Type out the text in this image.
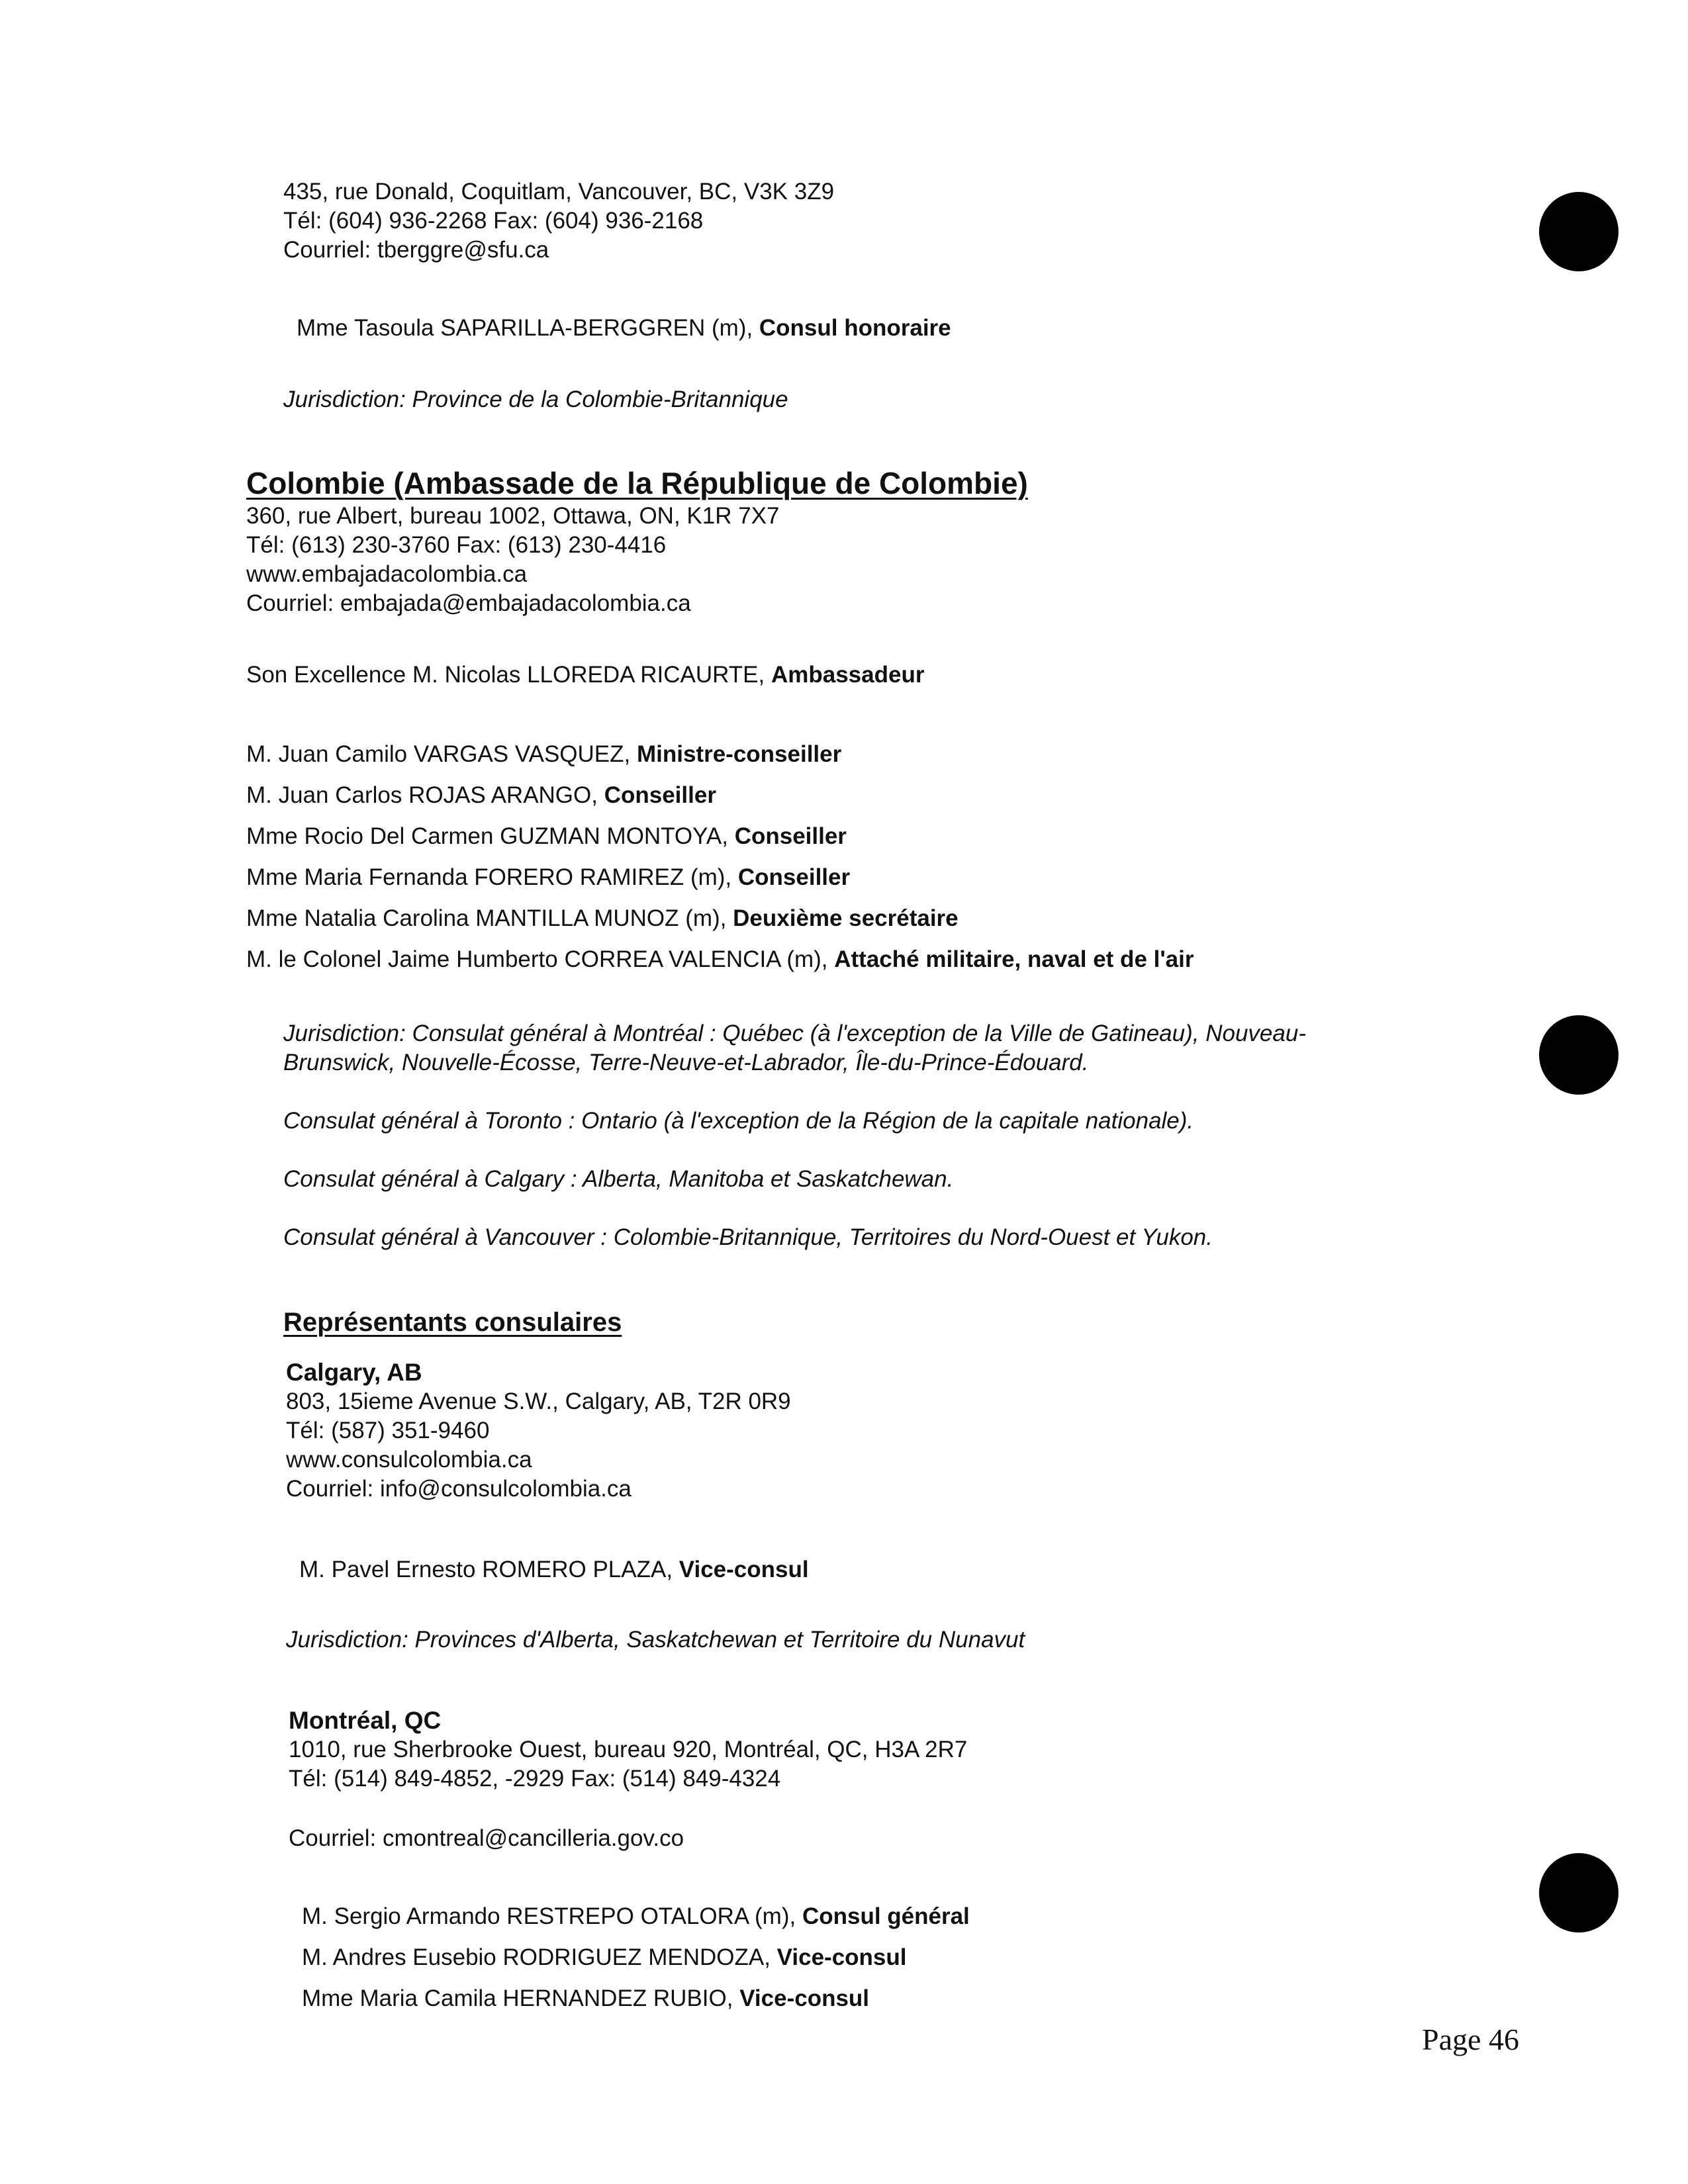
435, rue Donald, Coquitlam, Vancouver, BC, V3K 3Z9
Tél: (604) 936-2268 Fax: (604) 936-2168
Courriel: tberggre@sfu.ca
Mme Tasoula SAPARILLA-BERGGREN (m), Consul honoraire
Jurisdiction: Province de la Colombie-Britannique
Colombie (Ambassade de la République de Colombie)
360, rue Albert, bureau 1002, Ottawa, ON, K1R 7X7
Tél: (613) 230-3760 Fax: (613) 230-4416
www.embajadacolombia.ca
Courriel: embajada@embajadacolombia.ca
Son Excellence M. Nicolas LLOREDA RICAURTE, Ambassadeur
M. Juan Camilo VARGAS VASQUEZ, Ministre-conseiller
M. Juan Carlos ROJAS ARANGO, Conseiller
Mme Rocio Del Carmen GUZMAN MONTOYA, Conseiller
Mme Maria Fernanda FORERO RAMIREZ (m), Conseiller
Mme Natalia Carolina MANTILLA MUNOZ (m), Deuxième secrétaire
M. le Colonel Jaime Humberto CORREA VALENCIA (m), Attaché militaire, naval et de l'air
Jurisdiction: Consulat général à Montréal : Québec (à l'exception de la Ville de Gatineau), Nouveau-
Brunswick, Nouvelle-Écosse, Terre-Neuve-et-Labrador, Île-du-Prince-Édouard.
Consulat général à Toronto : Ontario (à l'exception de la Région de la capitale nationale).
Consulat général à Calgary : Alberta, Manitoba et Saskatchewan.
Consulat général à Vancouver : Colombie-Britannique, Territoires du Nord-Ouest et Yukon.
Représentants consulaires
Calgary, AB
803, 15ieme Avenue S.W., Calgary, AB, T2R 0R9
Tél: (587) 351-9460
www.consulcolombia.ca
Courriel: info@consulcolombia.ca
M. Pavel Ernesto ROMERO PLAZA, Vice-consul
Jurisdiction: Provinces d'Alberta, Saskatchewan et Territoire du Nunavut
Montréal, QC
1010, rue Sherbrooke Ouest, bureau 920, Montréal, QC, H3A 2R7
Tél: (514) 849-4852, -2929 Fax: (514) 849-4324
Courriel: cmontreal@cancilleria.gov.co
M. Sergio Armando RESTREPO OTALORA (m), Consul général
M. Andres Eusebio RODRIGUEZ MENDOZA, Vice-consul
Mme Maria Camila HERNANDEZ RUBIO, Vice-consul
Page 46
